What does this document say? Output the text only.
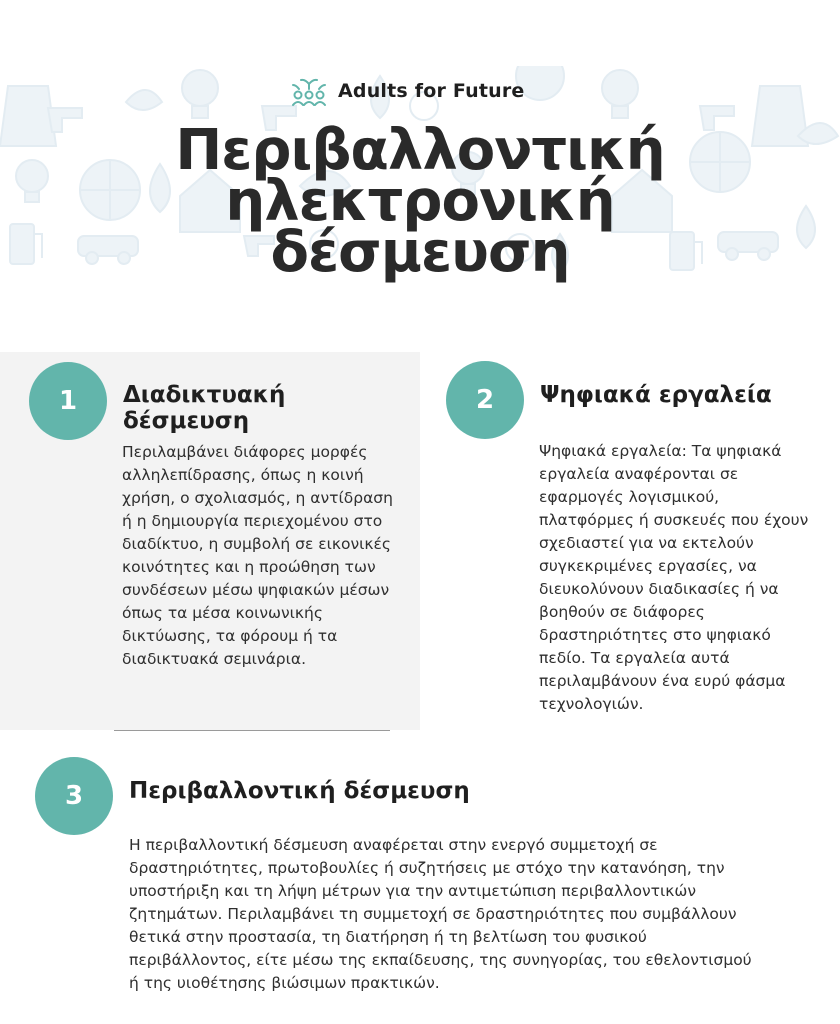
Adults for Future
Περιβαλλοντική
ηλεκτρονική
δέσμευση
1	Διαδικτυακή δέσμευση
Περιλαμβάνει διάφορες μορφές αλληλεπίδρασης, όπως η κοινή χρήση, ο σχολιασμός, η αντίδραση ή η δημιουργία περιεχομένου στο διαδίκτυο, η συμβολή σε εικονικές κοινότητες και η προώθηση των συνδέσεων μέσω ψηφιακών μέσων όπως τα μέσα κοινωνικής δικτύωσης, τα φόρουμ ή τα διαδικτυακά σεμινάρια.
2	Ψηφιακά εργαλεία
Ψηφιακά εργαλεία: Τα ψηφιακά εργαλεία αναφέρονται σε εφαρμογές λογισμικού, πλατφόρμες ή συσκευές που έχουν σχεδιαστεί για να εκτελούν συγκεκριμένες εργασίες, να διευκολύνουν διαδικασίες ή να βοηθούν σε διάφορες δραστηριότητες στο ψηφιακό πεδίο. Τα εργαλεία αυτά περιλαμβάνουν ένα ευρύ φάσμα τεχνολογιών.
3	Περιβαλλοντική δέσμευση
Η περιβαλλοντική δέσμευση αναφέρεται στην ενεργό συμμετοχή σε δραστηριότητες, πρωτοβουλίες ή συζητήσεις με στόχο την κατανόηση, την υποστήριξη και τη λήψη μέτρων για την αντιμετώπιση περιβαλλοντικών ζητημάτων. Περιλαμβάνει τη συμμετοχή σε δραστηριότητες που συμβάλλουν θετικά στην προστασία, τη διατήρηση ή τη βελτίωση του φυσικού περιβάλλοντος, είτε μέσω της εκπαίδευσης, της συνηγορίας, του εθελοντισμού ή της υιοθέτησης βιώσιμων πρακτικών.
